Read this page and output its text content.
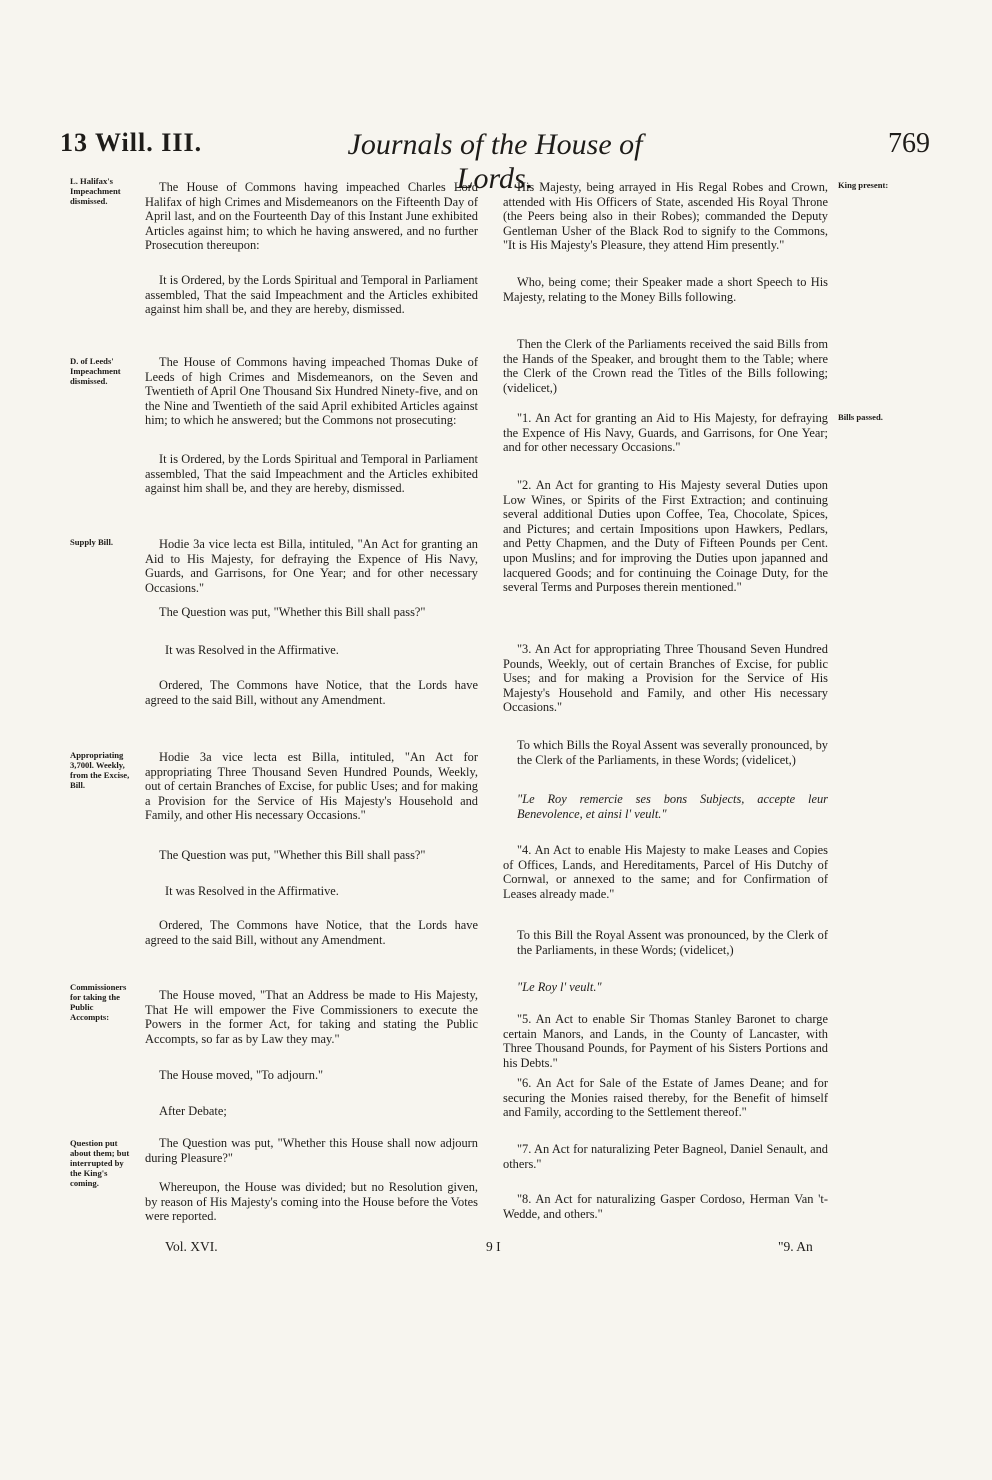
13 Will. III.	Journals of the House of Lords.
769
L. Halifax's Impeachment dismissed.
D. of Leeds' Impeachment dismissed.
Supply Bill.
Appropriating 3,700l. Weekly, from the Excise, Bill.
Commissioners for taking the Public Accompts:
Question put about them; but interrupted by the King's coming.
King present:
Bills passed.

The House of Commons having impeached Charles Lord Halifax of high Crimes and Misdemeanors on the Fifteenth Day of April last, and on the Fourteenth Day of this Instant June exhibited Articles against him; to which he having answered, and no further Prosecution thereupon:

It is Ordered, by the Lords Spiritual and Temporal in Parliament assembled, That the said Impeachment and the Articles exhibited against him shall be, and they are hereby, dismissed.

The House of Commons having impeached Thomas Duke of Leeds of high Crimes and Misdemeanors, on the Seven and Twentieth of April One Thousand Six Hundred Ninety-five, and on the Nine and Twentieth of the said April exhibited Articles against him; to which he answered; but the Commons not prosecuting:

It is Ordered, by the Lords Spiritual and Temporal in Parliament assembled, That the said Impeachment and the Articles exhibited against him shall be, and they are hereby, dismissed.

Hodie 3a vice lecta est Billa, intituled, "An Act for granting an Aid to His Majesty, for defraying the Expence of His Navy, Guards, and Garrisons, for One Year; and for other necessary Occasions."

The Question was put, "Whether this Bill shall pass?"

It was Resolved in the Affirmative.

Ordered, The Commons have Notice, that the Lords have agreed to the said Bill, without any Amendment.

Hodie 3a vice lecta est Billa, intituled, "An Act for appropriating Three Thousand Seven Hundred Pounds, Weekly, out of certain Branches of Excise, for public Uses; and for making a Provision for the Service of His Majesty's Household and Family, and other His necessary Occasions."

The Question was put, "Whether this Bill shall pass?"

It was Resolved in the Affirmative.

Ordered, The Commons have Notice, that the Lords have agreed to the said Bill, without any Amendment.

The House moved, "That an Address be made to His Majesty, That He will empower the Five Commissioners to execute the Powers in the former Act, for taking and stating the Public Accompts, so far as by Law they may."

The House moved, "To adjourn."

After Debate;

The Question was put, "Whether this House shall now adjourn during Pleasure?"

Whereupon, the House was divided; but no Resolution given, by reason of His Majesty's coming into the House before the Votes were reported.

His Majesty, being arrayed in His Regal Robes and Crown, attended with His Officers of State, ascended His Royal Throne (the Peers being also in their Robes); commanded the Deputy Gentleman Usher of the Black Rod to signify to the Commons, "It is His Majesty's Pleasure, they attend Him presently."

Who, being come; their Speaker made a short Speech to His Majesty, relating to the Money Bills following.

Then the Clerk of the Parliaments received the said Bills from the Hands of the Speaker, and brought them to the Table; where the Clerk of the Crown read the Titles of the Bills following; (videlicet,)

"1. An Act for granting an Aid to His Majesty, for defraying the Expence of His Navy, Guards, and Garrisons, for One Year; and for other necessary Occasions."

"2. An Act for granting to His Majesty several Duties upon Low Wines, or Spirits of the First Extraction; and continuing several additional Duties upon Coffee, Tea, Chocolate, Spices, and Pictures; and certain Impositions upon Hawkers, Pedlars, and Petty Chapmen, and the Duty of Fifteen Pounds per Cent. upon Muslins; and for improving the Duties upon japanned and lacquered Goods; and for continuing the Coinage Duty, for the several Terms and Purposes therein mentioned."

"3. An Act for appropriating Three Thousand Seven Hundred Pounds, Weekly, out of certain Branches of Excise, for public Uses; and for making a Provision for the Service of His Majesty's Household and Family, and other His necessary Occasions."

To which Bills the Royal Assent was severally pronounced, by the Clerk of the Parliaments, in these Words; (videlicet,)

"Le Roy remercie ses bons Subjects, accepte leur Benevolence, et ainsi l' veult."

"4. An Act to enable His Majesty to make Leases and Copies of Offices, Lands, and Hereditaments, Parcel of His Dutchy of Cornwal, or annexed to the same; and for Confirmation of Leases already made."

To this Bill the Royal Assent was pronounced, by the Clerk of the Parliaments, in these Words; (videlicet,)

"Le Roy l' veult."

"5. An Act to enable Sir Thomas Stanley Baronet to charge certain Manors, and Lands, in the County of Lancaster, with Three Thousand Pounds, for Payment of his Sisters Portions and his Debts."

"6. An Act for Sale of the Estate of James Deane; and for securing the Monies raised thereby, for the Benefit of himself and Family, according to the Settlement thereof."

"7. An Act for naturalizing Peter Bagneol, Daniel Senault, and others."

"8. An Act for naturalizing Gasper Cordoso, Herman Van 't-Wedde, and others."

Vol. XVI.	9 I	"9. An
